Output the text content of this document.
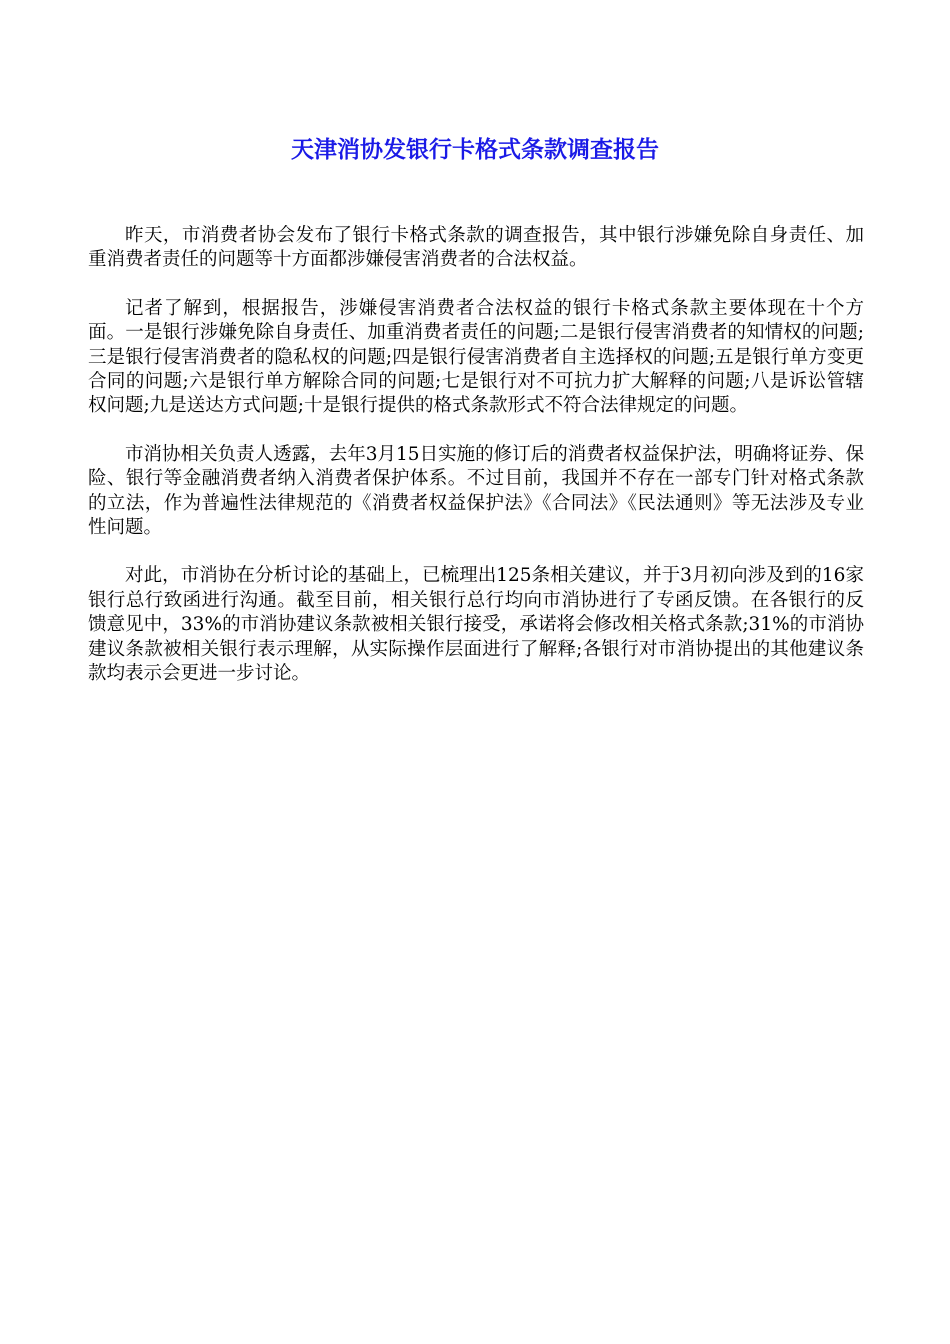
天津消协发银行卡格式条款调查报告

昨天，市消费者协会发布了银行卡格式条款的调查报告，其中银行涉嫌免除自身责任、加重消费者责任的问题等十方面都涉嫌侵害消费者的合法权益。

记者了解到，根据报告，涉嫌侵害消费者合法权益的银行卡格式条款主要体现在十个方面。一是银行涉嫌免除自身责任、加重消费者责任的问题;二是银行侵害消费者的知情权的问题;三是银行侵害消费者的隐私权的问题;四是银行侵害消费者自主选择权的问题;五是银行单方变更合同的问题;六是银行单方解除合同的问题;七是银行对不可抗力扩大解释的问题;八是诉讼管辖权问题;九是送达方式问题;十是银行提供的格式条款形式不符合法律规定的问题。

市消协相关负责人透露，去年3月15日实施的修订后的消费者权益保护法，明确将证券、保险、银行等金融消费者纳入消费者保护体系。不过目前，我国并不存在一部专门针对格式条款的立法，作为普遍性法律规范的《消费者权益保护法》《合同法》《民法通则》等无法涉及专业性问题。

对此，市消协在分析讨论的基础上，已梳理出125条相关建议，并于3月初向涉及到的16家银行总行致函进行沟通。截至目前，相关银行总行均向市消协进行了专函反馈。在各银行的反馈意见中，33%的市消协建议条款被相关银行接受，承诺将会修改相关格式条款;31%的市消协建议条款被相关银行表示理解，从实际操作层面进行了解释;各银行对市消协提出的其他建议条款均表示会更进一步讨论。
